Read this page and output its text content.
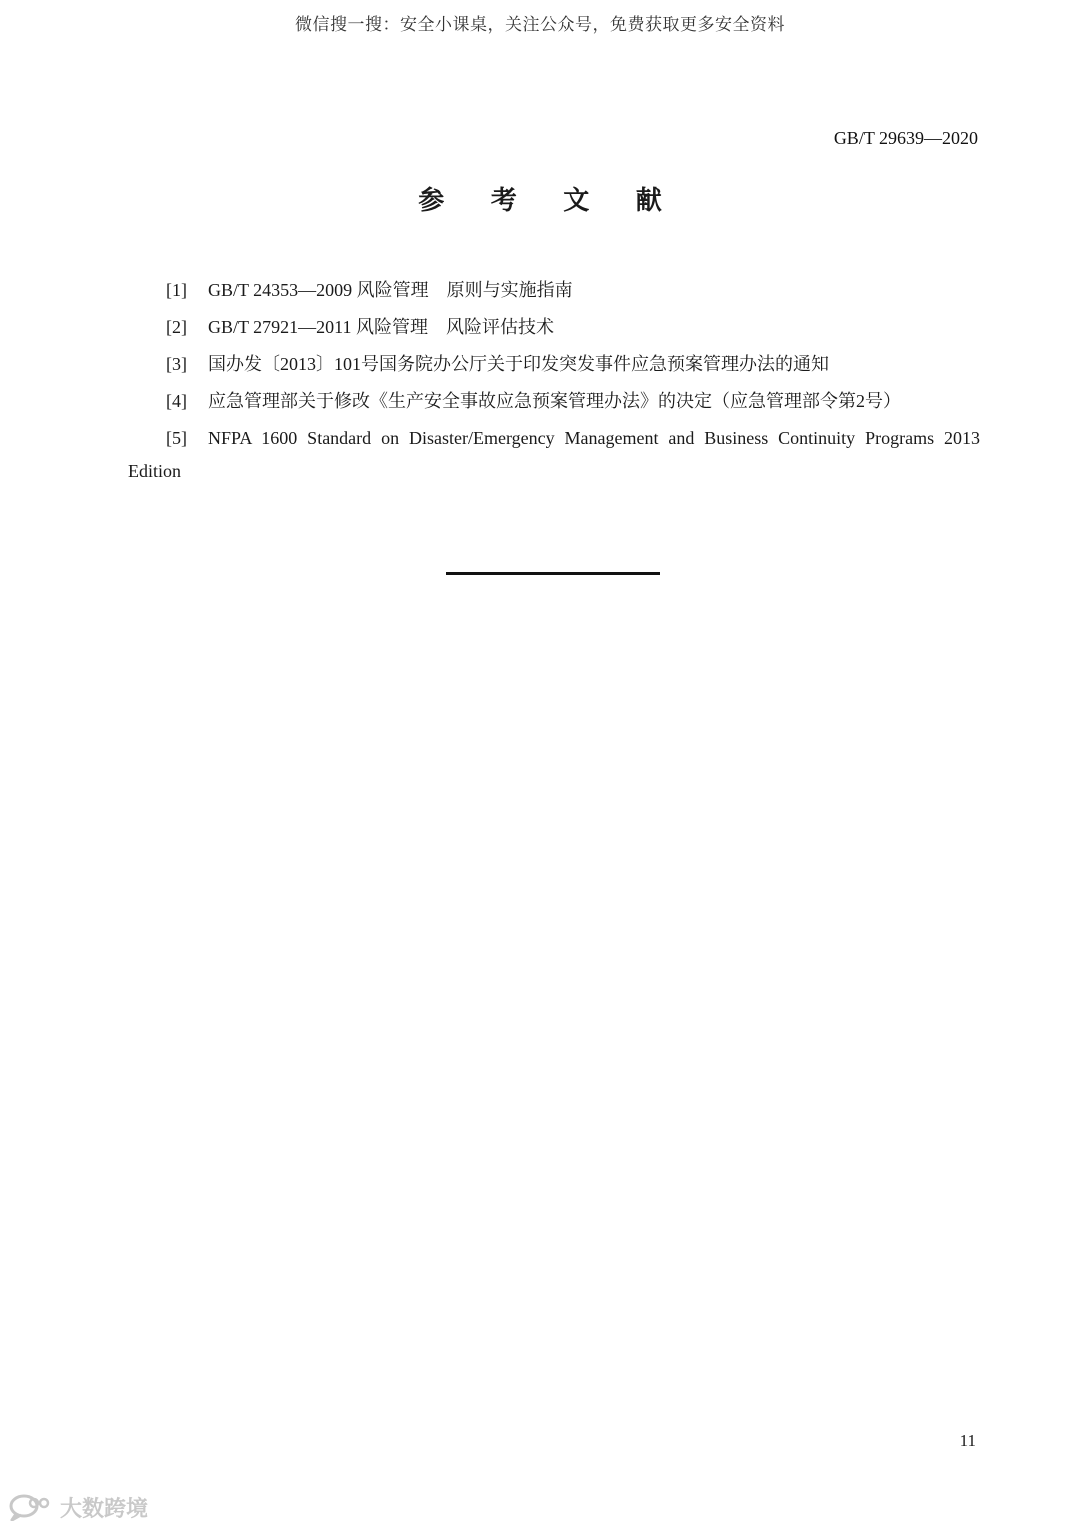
微信搜一搜：安全小课桌，关注公众号，免费获取更多安全资料
GB/T 29639—2020
参 考 文 献
[1] GB/T 24353—2009 风险管理　原则与实施指南
[2] GB/T 27921—2011 风险管理　风险评估技术
[3] 国办发〔2013〕101号国务院办公厅关于印发突发事件应急预案管理办法的通知
[4] 应急管理部关于修改《生产安全事故应急预案管理办法》的决定（应急管理部令第2号）
[5]	NFPA 1600 Standard on Disaster/Emergency Management and Business Continuity Programs 2013 Edition
11
大数跨境
